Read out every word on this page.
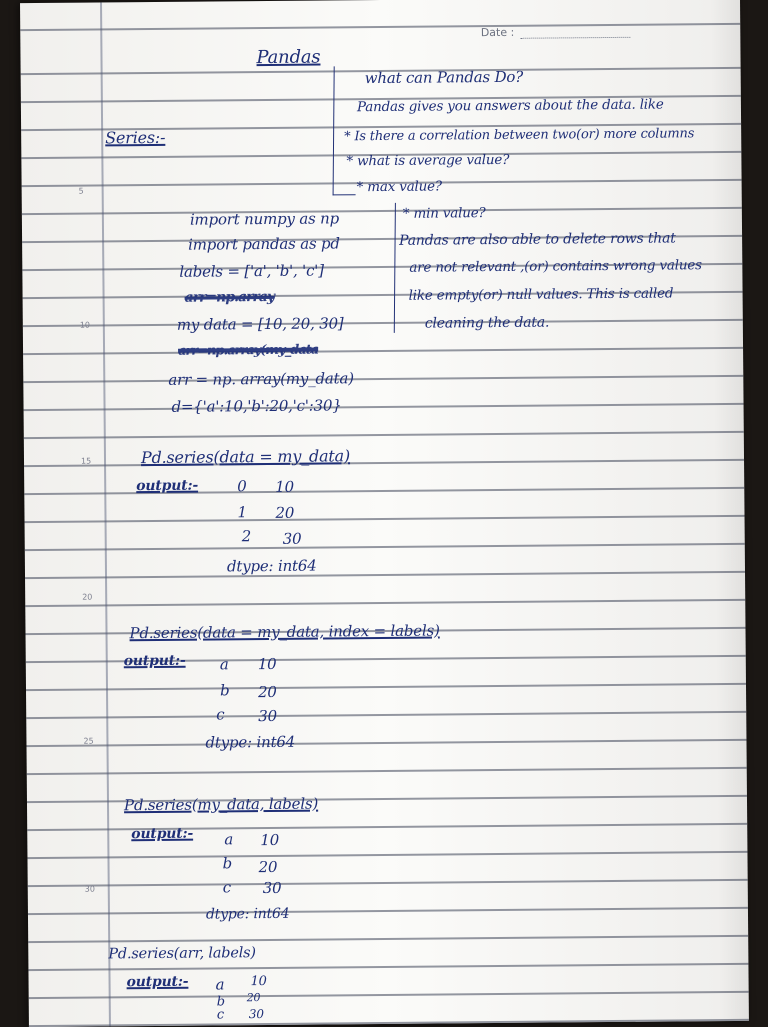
Date :
5
10
15
20
25
30
Pandas
Series:-
what can Pandas Do?
Pandas gives you answers about the data. like
* Is there a correlation between two(or) more columns
* what is average value?
* max value?
* min value?
import numpy as np
import pandas as pd
labels = ['a', 'b', 'c']
arr=np.array
my data = [10, 20, 30]
arr=np.array(my_data
arr = np. array(my_data)
d={'a':10,'b':20,'c':30}
Pandas are also able to delete rows that
are not relevant ,(or) contains wrong values
like empty(or) null values. This is called
cleaning the data.
Pd.series(data = my_data)
output:-	0 10
1 20
2 30
dtype: int64
Pd.series(data = my_data, index = labels)
output:- a 10
b 20
c 30
dtype: int64
Pd.series(my_data, labels)
output:- a 10
b 20
c 30
dtype: int64
Pd.series(arr, labels)
output:- a 10
b 20
c 30
